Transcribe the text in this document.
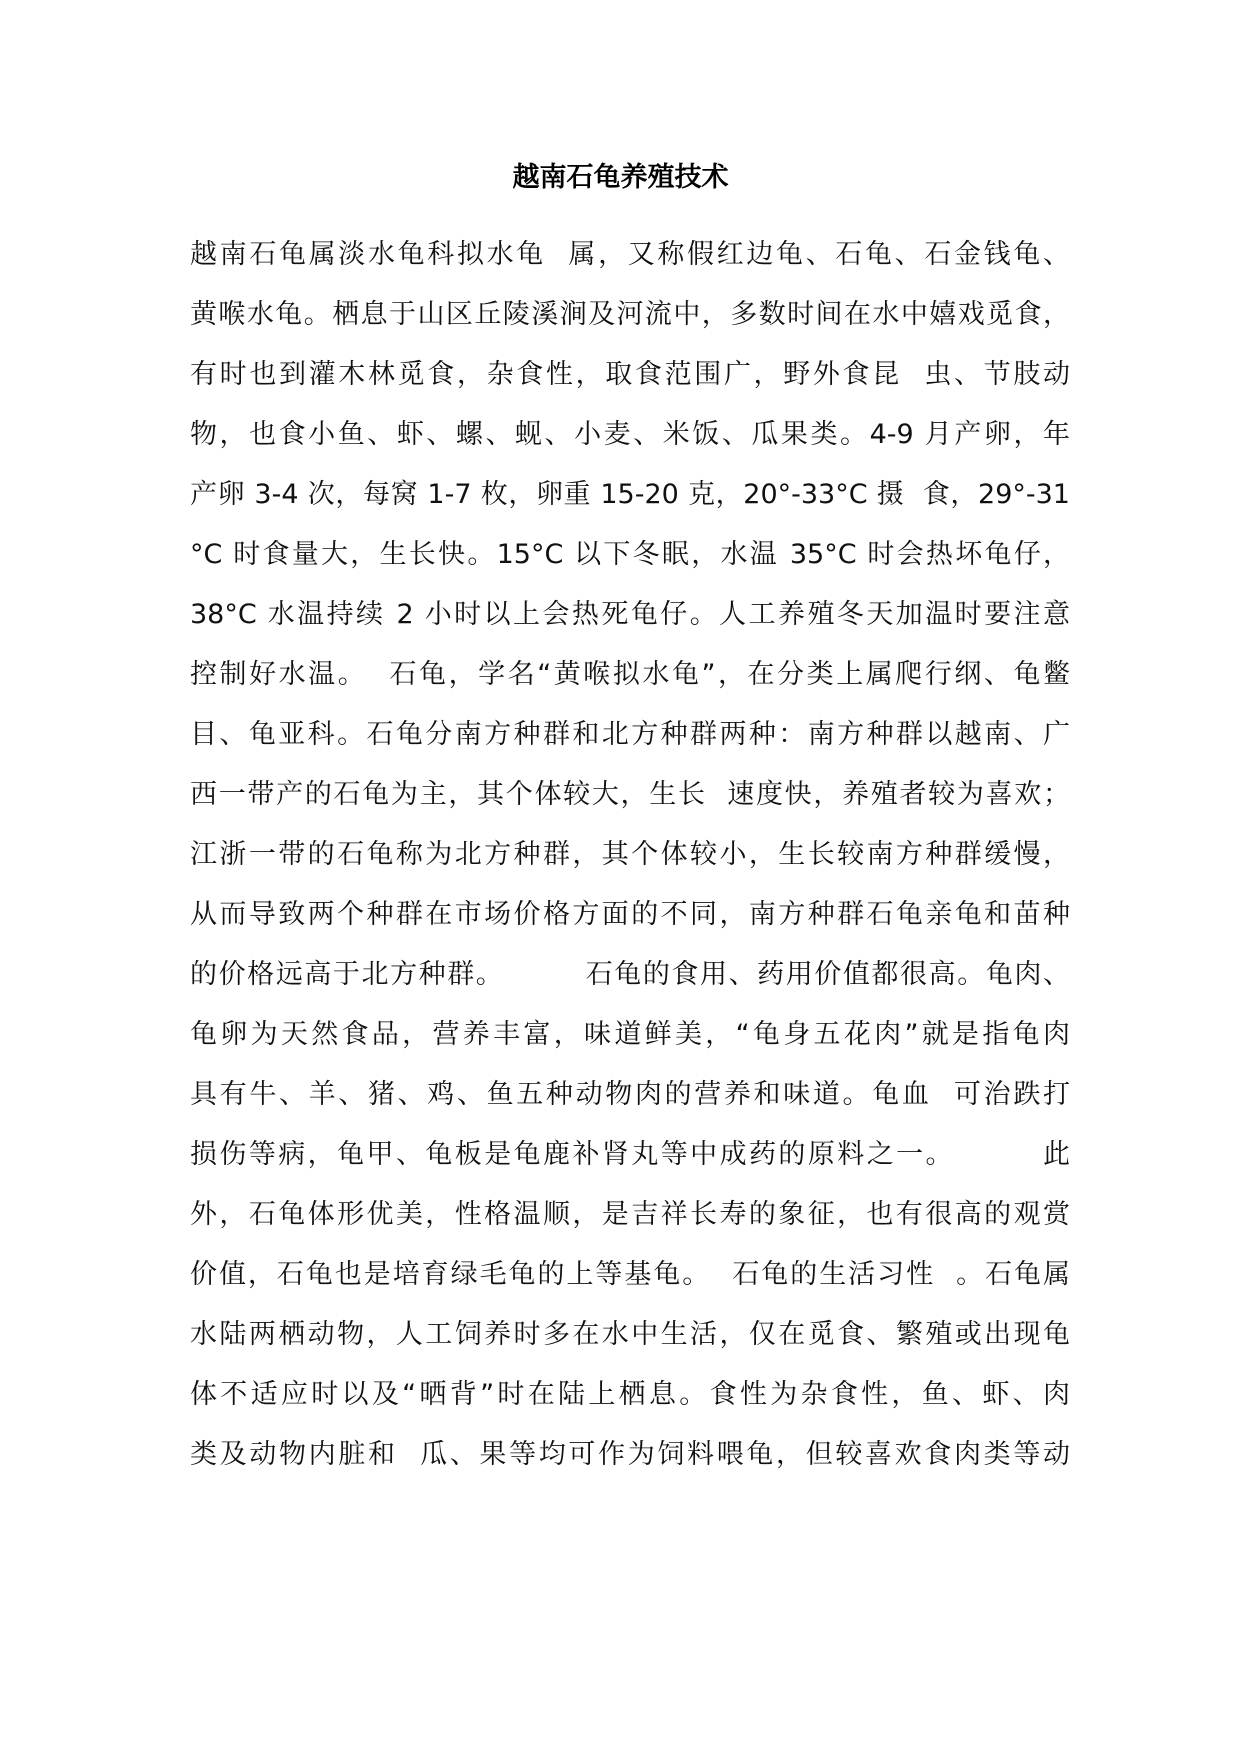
越南石龟养殖技术

越南石龟属淡水龟科拟水龟  属，又称假红边龟、石龟、石金钱龟、

黄喉水龟。栖息于山区丘陵溪涧及河流中，多数时间在水中嬉戏觅食，

有时也到灌木林觅食，杂食性，取食范围广，野外食昆  虫、节肢动

物，也食小鱼、虾、螺、蚬、小麦、米饭、瓜果类。4-9 月产卵，年

产卵 3-4 次，每窝 1-7 枚，卵重 15-20 克，20°-33°C 摄  食，29°-31

°C 时食量大，生长快。15°C 以下冬眠，水温 35°C 时会热坏龟仔，

38°C 水温持续 2 小时以上会热死龟仔。人工养殖冬天加温时要注意

控制好水温。  石龟，学名“黄喉拟水龟”，在分类上属爬行纲、龟鳖

目、龟亚科。石龟分南方种群和北方种群两种：南方种群以越南、广

西一带产的石龟为主，其个体较大，生长  速度快，养殖者较为喜欢；

江浙一带的石龟称为北方种群，其个体较小，生长较南方种群缓慢，

从而导致两个种群在市场价格方面的不同，南方种群石龟亲龟和苗种

的价格远高于北方种群。        石龟的食用、药用价值都很高。龟肉、

龟卵为天然食品，营养丰富，味道鲜美，“龟身五花肉”就是指龟肉

具有牛、羊、猪、鸡、鱼五种动物肉的营养和味道。龟血  可治跌打

损伤等病，龟甲、龟板是龟鹿补肾丸等中成药的原料之一。        此

外，石龟体形优美，性格温顺，是吉祥长寿的象征，也有很高的观赏

价值，石龟也是培育绿毛龟的上等基龟。  石龟的生活习性  。石龟属

水陆两栖动物，人工饲养时多在水中生活，仅在觅食、繁殖或出现龟

体不适应时以及“晒背”时在陆上栖息。食性为杂食性，鱼、虾、肉

类及动物内脏和  瓜、果等均可作为饲料喂龟，但较喜欢食肉类等动
